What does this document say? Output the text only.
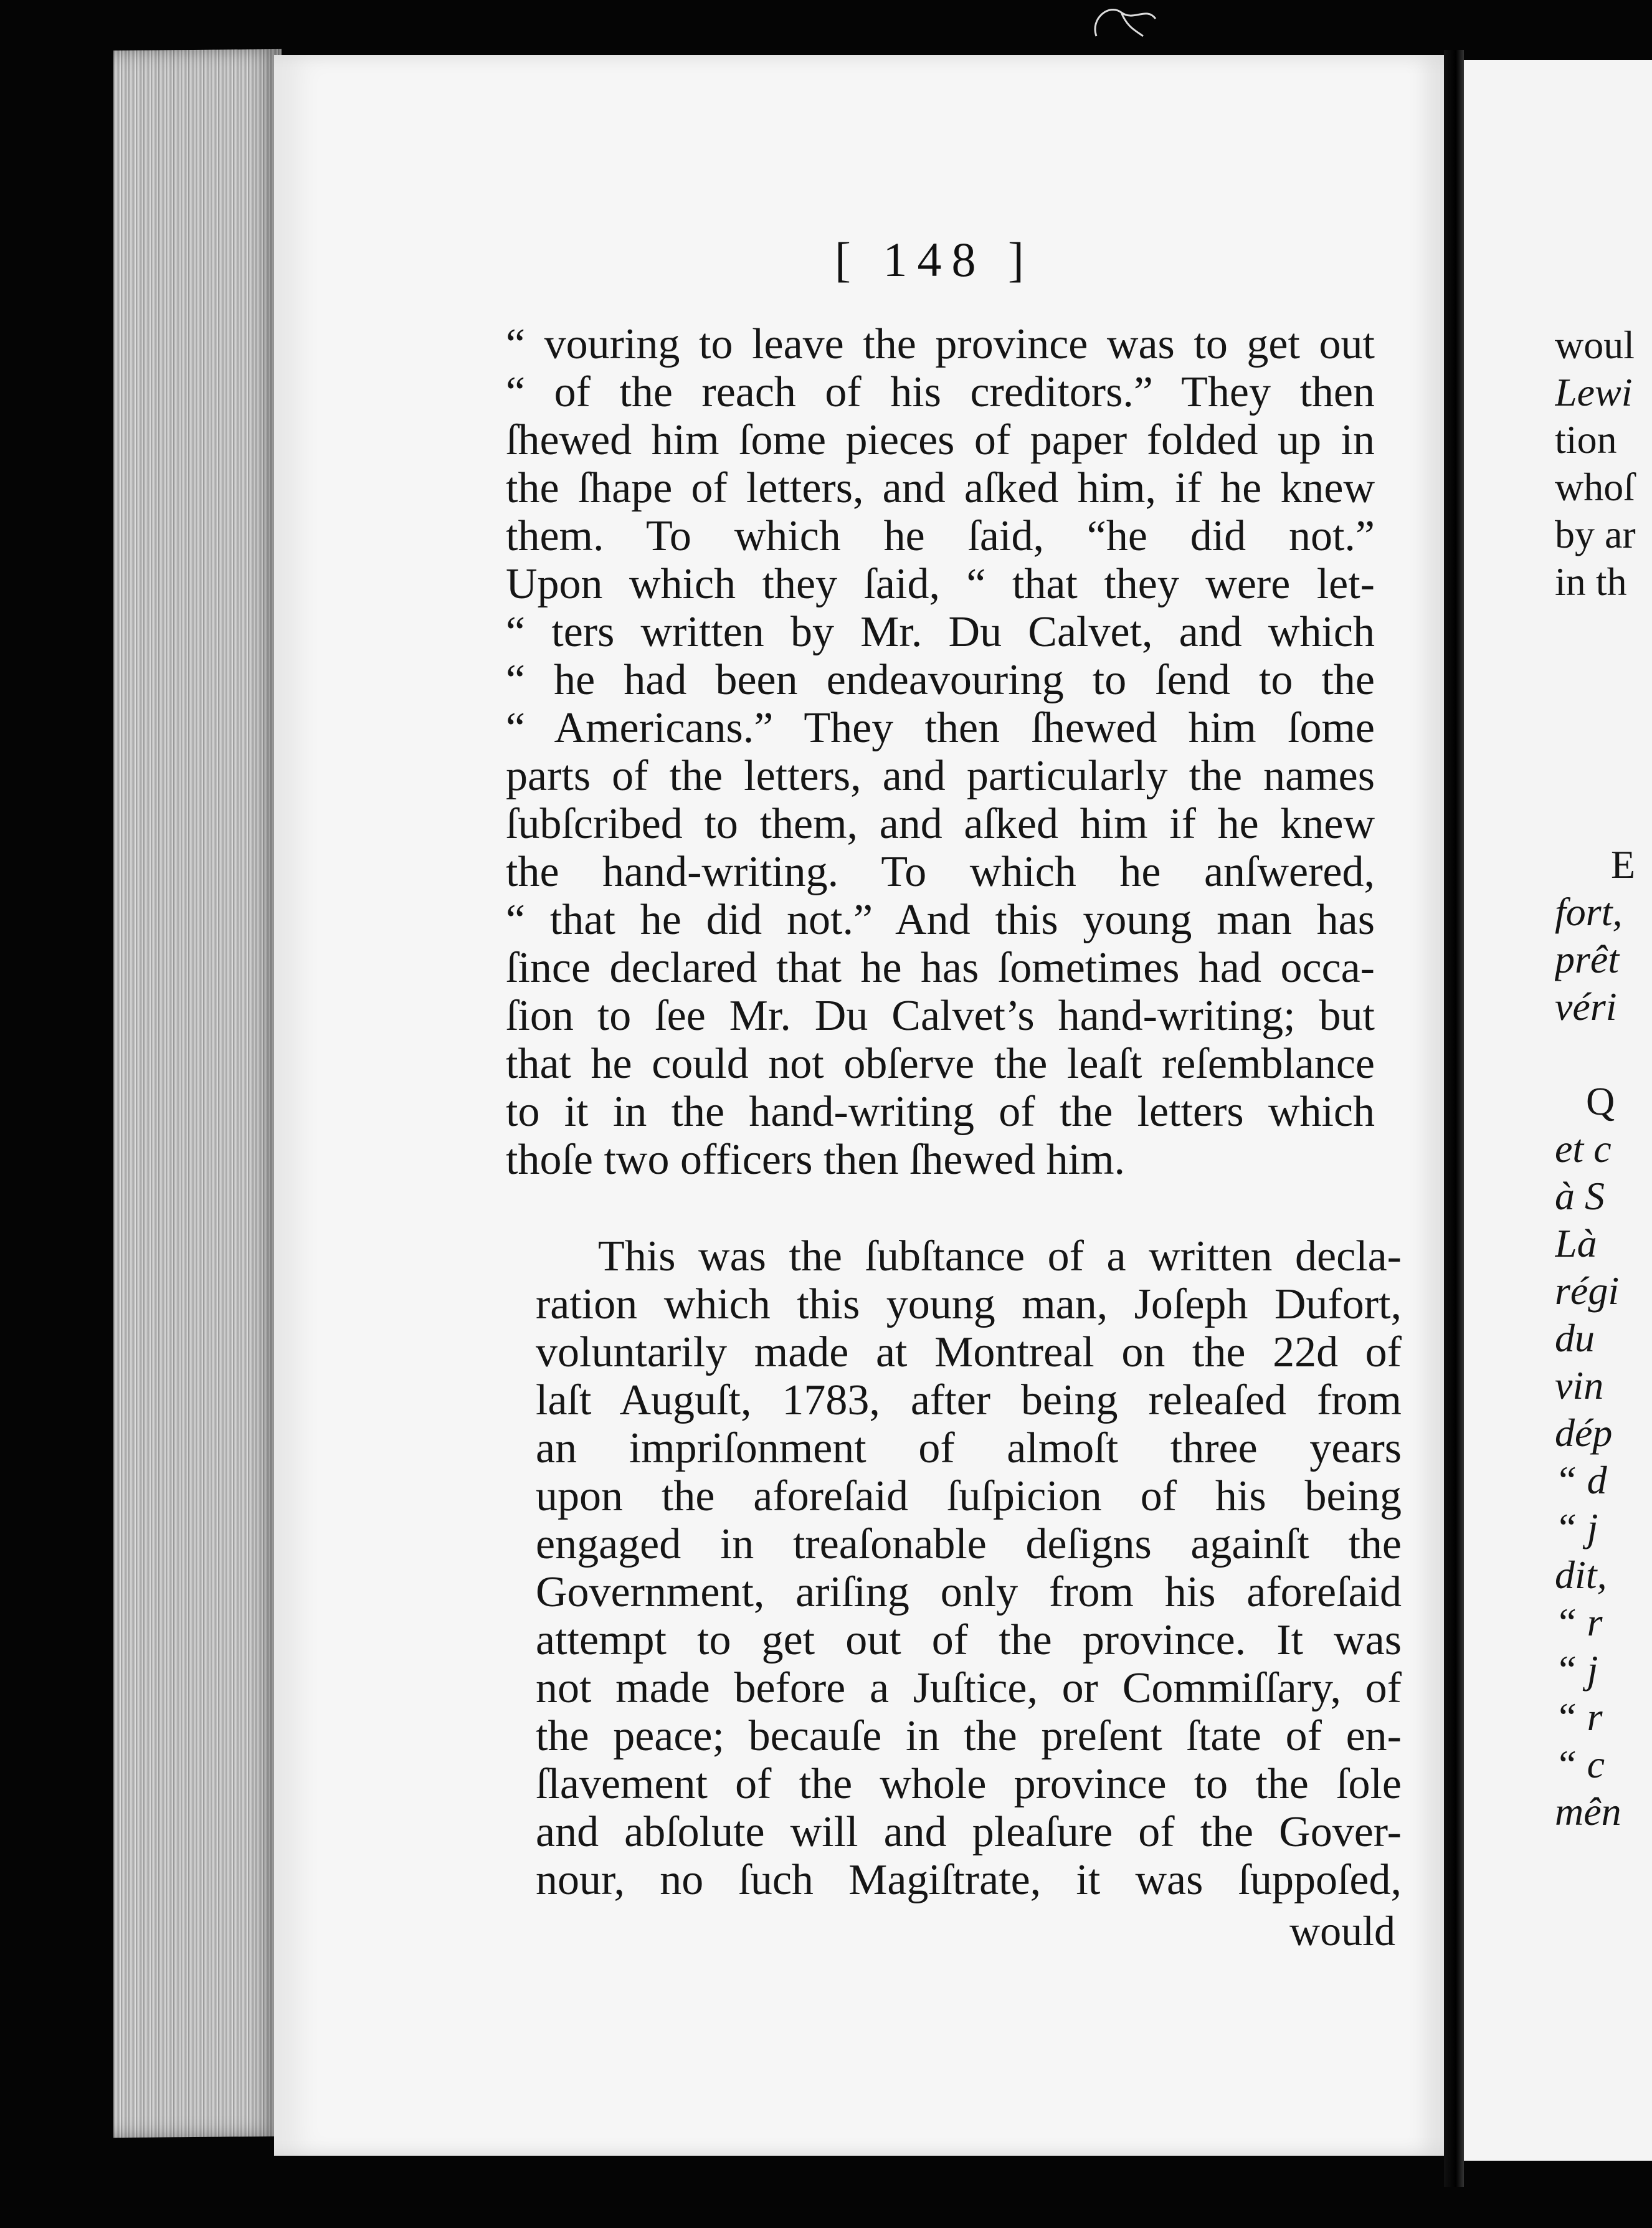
[ 148 ]
“ vouring to leave the province was to get out
“ of the reach of his creditors.” They then
ſhewed him ſome pieces of paper folded up in
the ſhape of letters, and aſked him, if he knew
them. To which he ſaid, “he did not.”
Upon which they ſaid, “ that they were let-
“ ters written by Mr. Du Calvet, and which
“ he had been endeavouring to ſend to the
“ Americans.” They then ſhewed him ſome
parts of the letters, and particularly the names
ſubſcribed to them, and aſked him if he knew
the hand-writing. To which he anſwered,
“ that he did not.” And this young man has
ſince declared that he has ſometimes had occa-
ſion to ſee Mr. Du Calvet’s hand-writing; but
that he could not obſerve the leaſt reſemblance
to it in the hand-writing of the letters which
thoſe two officers then ſhewed him.
This was the ſubſtance of a written decla-
ration which this young man, Joſeph Dufort,
voluntarily made at Montreal on the 22d of
laſt Auguſt, 1783, after being releaſed from
an impriſonment of almoſt three years
upon the aforeſaid ſuſpicion of his being
engaged in treaſonable deſigns againſt the
Government, ariſing only from his aforeſaid
attempt to get out of the province. It was
not made before a Juſtice, or Commiſſary, of
the peace; becauſe in the preſent ſtate of en-
ſlavement of the whole province to the ſole
and abſolute will and pleaſure of the Gover-
nour, no ſuch Magiſtrate, it was ſuppoſed,
would
woul
Lewi
tion
whoſ
by ar
in th
E
fort,
prêt
véri
Q
et c
à S
Là
régi
du
vin
dép
“ d
“ j
dit,
“ r
“ j
“ r
“ c
mên
